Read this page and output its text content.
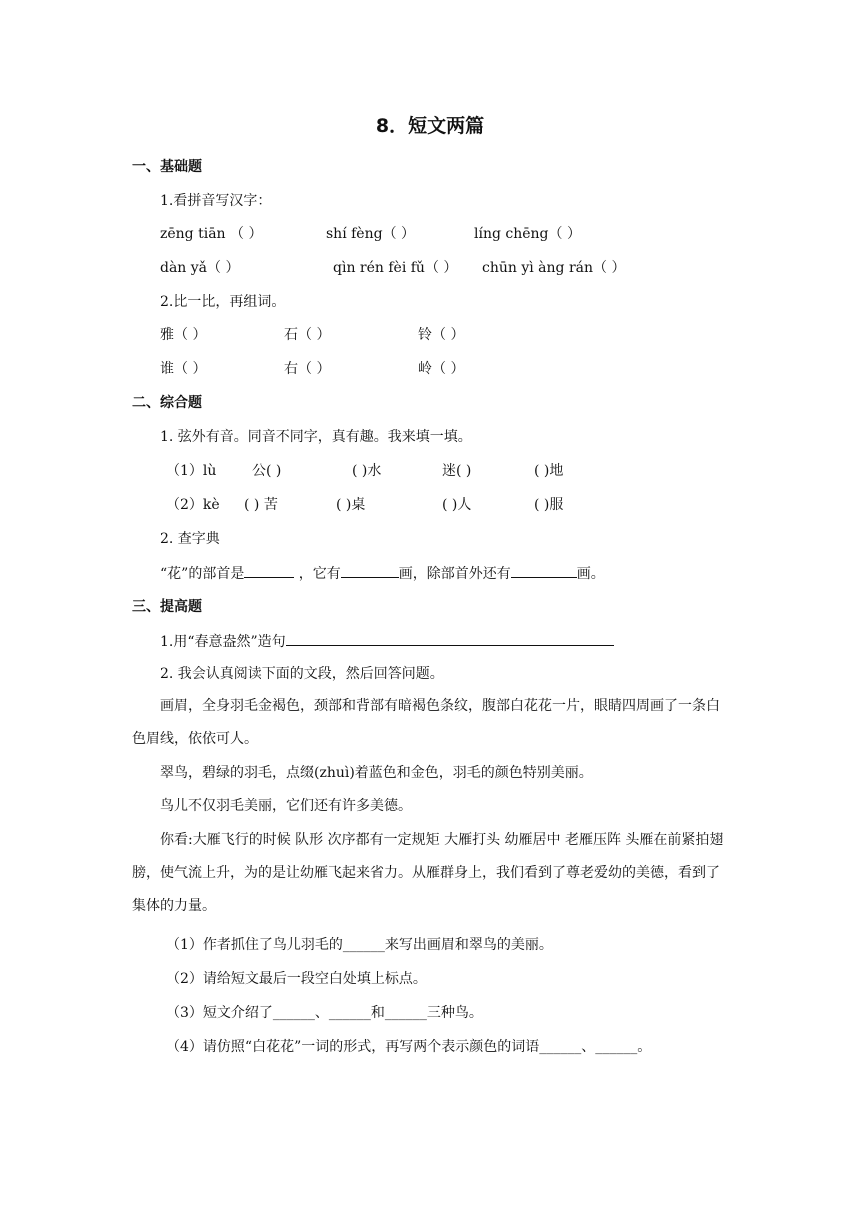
8．短文两篇
一、基础题
1.看拼音写汉字：
zēng tiān （ ）	shí fèng（ ）	líng chēng（ ）
dàn yǎ（ ）	qìn rén fèi fǔ（ ） chūn yì àng rán（ ）
2.比一比，再组词。
雅（ ）	石（ ）	铃（ ）
谁（ ）	右（ ）	岭（ ）
二、综合题
1. 弦外有音。同音不同字，真有趣。我来填一填。
（1）lù	公( )	( )水	迷( )	( )地
（2）kè ( ) 苦	( )桌	( )人	( )服
2. 查字典
“花”的部首是	，它有	画，除部首外还有	画。
三、提高题
1.用“春意盎然”造句
2. 我会认真阅读下面的文段，然后回答问题。
画眉，全身羽毛金褐色，颈部和背部有暗褐色条纹，腹部白花花一片，眼睛四周画了一条白色眉线，依依可人。
翠鸟，碧绿的羽毛，点缀(zhuì)着蓝色和金色，羽毛的颜色特别美丽。
鸟儿不仅羽毛美丽，它们还有许多美德。
你看:大雁飞行的时候 队形 次序都有一定规矩 大雁打头 幼雁居中 老雁压阵 头雁在前紧拍翅膀，使气流上升，为的是让幼雁飞起来省力。从雁群身上，我们看到了尊老爱幼的美德，看到了集体的力量。
（1）作者抓住了鸟儿羽毛的______来写出画眉和翠鸟的美丽。
（2）请给短文最后一段空白处填上标点。
（3）短文介绍了______、______和______三种鸟。
（4）请仿照“白花花”一词的形式，再写两个表示颜色的词语______、______。
